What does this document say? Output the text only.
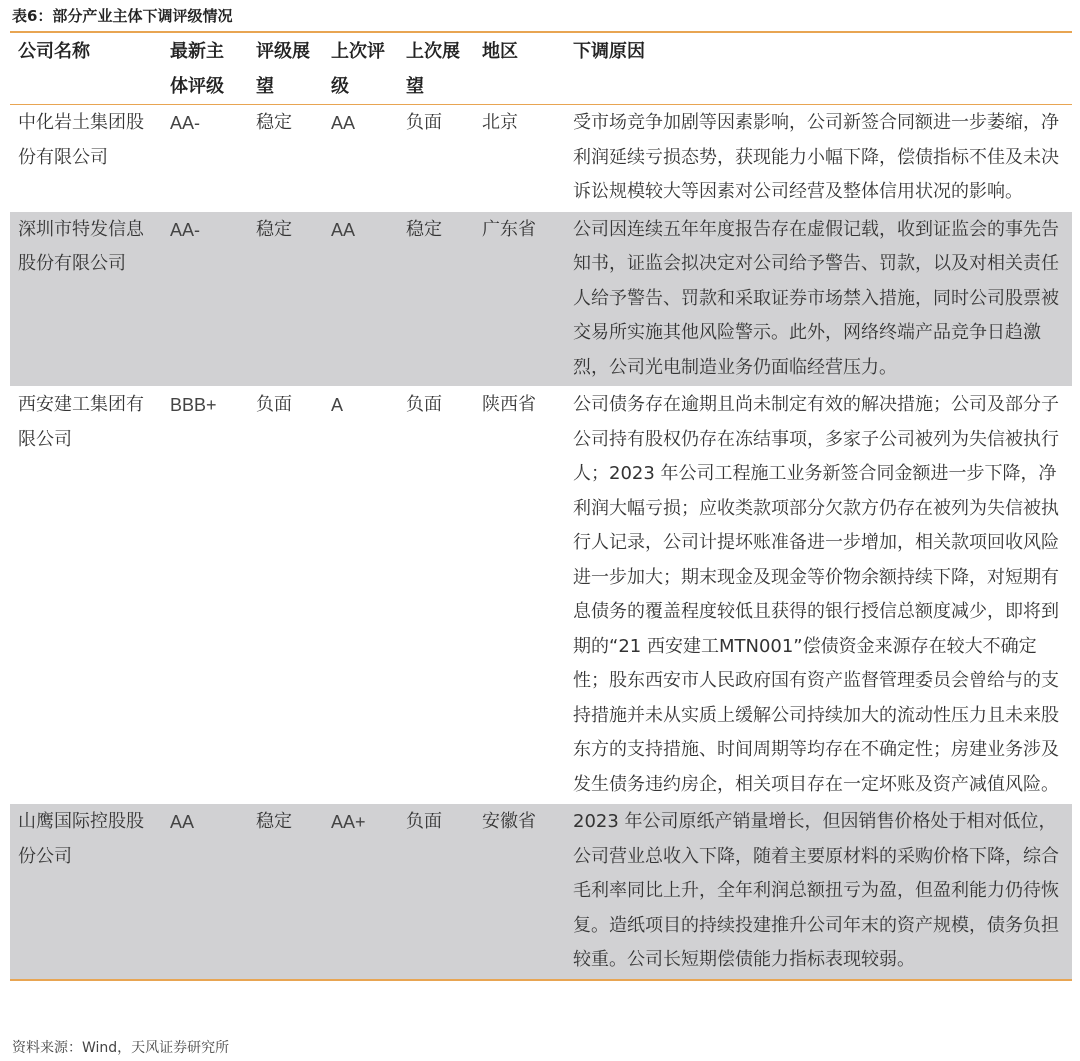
表6：部分产业主体下调评级情况
公司名称	最新主体评级	评级展望	上次评级	上次展望	地区	下调原因
中化岩土集团股份有限公司	AA-	稳定	AA	负面	北京	受市场竞争加剧等因素影响，公司新签合同额进一步萎缩，净利润延续亏损态势，获现能力小幅下降，偿债指标不佳及未决诉讼规模较大等因素对公司经营及整体信用状况的影响。
深圳市特发信息股份有限公司	AA-	稳定	AA	稳定	广东省	公司因连续五年年度报告存在虚假记载，收到证监会的事先告知书，证监会拟决定对公司给予警告、罚款，以及对相关责任人给予警告、罚款和采取证券市场禁入措施，同时公司股票被交易所实施其他风险警示。此外，网络终端产品竞争日趋激烈，公司光电制造业务仍面临经营压力。
西安建工集团有限公司	BBB+	负面	A	负面	陕西省	公司债务存在逾期且尚未制定有效的解决措施；公司及部分子公司持有股权仍存在冻结事项，多家子公司被列为失信被执行人；2023 年公司工程施工业务新签合同金额进一步下降，净利润大幅亏损；应收类款项部分欠款方仍存在被列为失信被执行人记录，公司计提坏账准备进一步增加，相关款项回收风险进一步加大；期末现金及现金等价物余额持续下降，对短期有息债务的覆盖程度较低且获得的银行授信总额度减少，即将到期的“21 西安建工MTN001”偿债资金来源存在较大不确定性；股东西安市人民政府国有资产监督管理委员会曾给与的支持措施并未从实质上缓解公司持续加大的流动性压力且未来股东方的支持措施、时间周期等均存在不确定性；房建业务涉及发生债务违约房企，相关项目存在一定坏账及资产减值风险。
山鹰国际控股股份公司	AA	稳定	AA+	负面	安徽省	2023 年公司原纸产销量增长，但因销售价格处于相对低位，公司营业总收入下降，随着主要原材料的采购价格下降，综合毛利率同比上升，全年利润总额扭亏为盈，但盈利能力仍待恢复。造纸项目的持续投建推升公司年末的资产规模，债务负担较重。公司长短期偿债能力指标表现较弱。
资料来源：Wind，天风证券研究所
